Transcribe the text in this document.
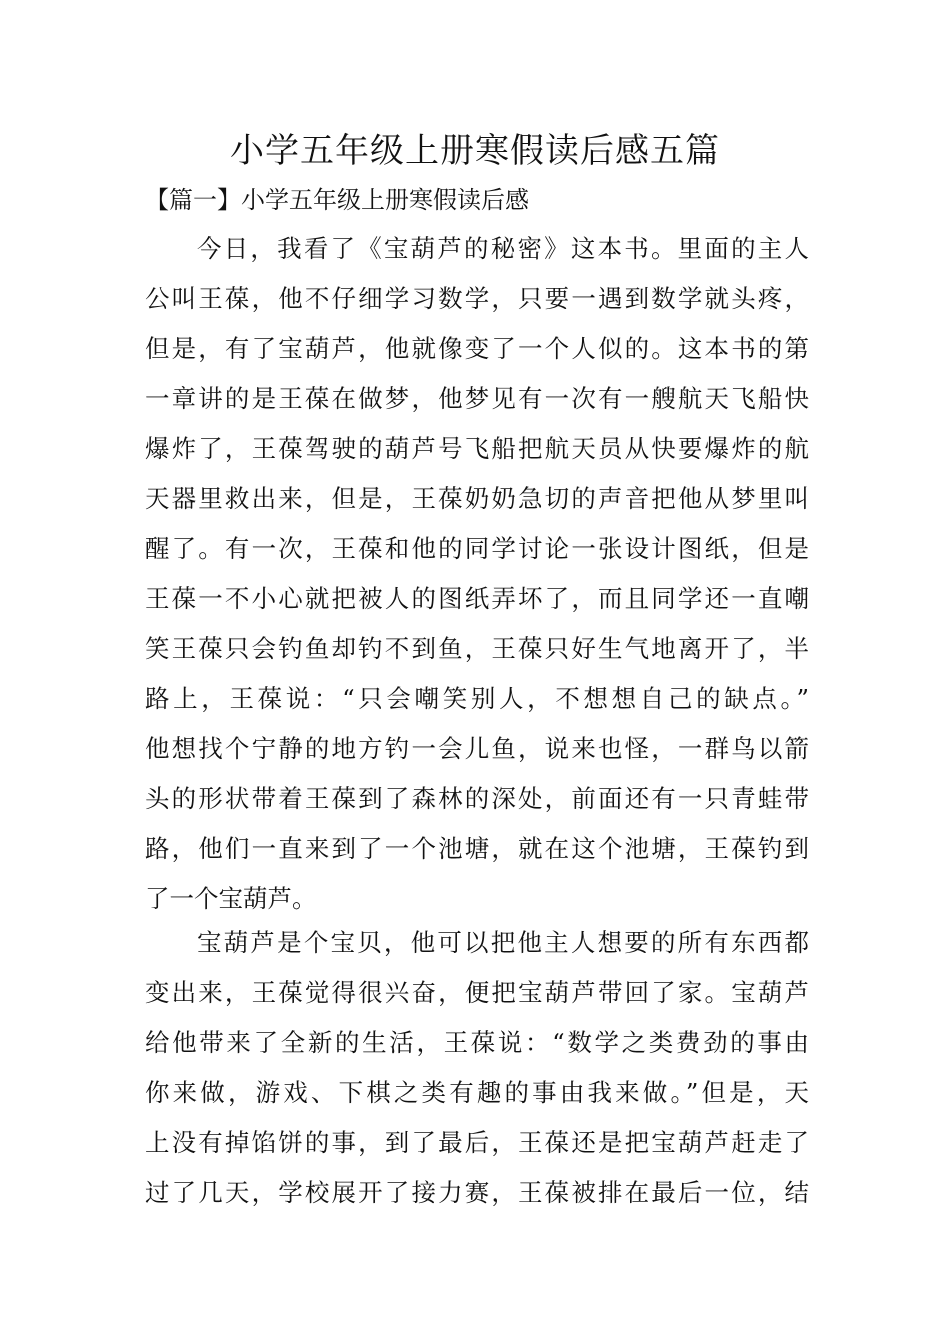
小学五年级上册寒假读后感五篇
【篇一】小学五年级上册寒假读后感
今日，我看了《宝葫芦的秘密》这本书。里面的主人
公叫王葆，他不仔细学习数学，只要一遇到数学就头疼，
但是，有了宝葫芦，他就像变了一个人似的。这本书的第
一章讲的是王葆在做梦，他梦见有一次有一艘航天飞船快
爆炸了，王葆驾驶的葫芦号飞船把航天员从快要爆炸的航
天器里救出来，但是，王葆奶奶急切的声音把他从梦里叫
醒了。有一次，王葆和他的同学讨论一张设计图纸，但是
王葆一不小心就把被人的图纸弄坏了，而且同学还一直嘲
笑王葆只会钓鱼却钓不到鱼，王葆只好生气地离开了，半
路上，王葆说：“只会嘲笑别人，不想想自己的缺点。”
他想找个宁静的地方钓一会儿鱼，说来也怪，一群鸟以箭
头的形状带着王葆到了森林的深处，前面还有一只青蛙带
路，他们一直来到了一个池塘，就在这个池塘，王葆钓到
了一个宝葫芦。
宝葫芦是个宝贝，他可以把他主人想要的所有东西都
变出来，王葆觉得很兴奋，便把宝葫芦带回了家。宝葫芦
给他带来了全新的生活，王葆说：“数学之类费劲的事由
你来做，游戏、下棋之类有趣的事由我来做。”但是，天
上没有掉馅饼的事，到了最后，王葆还是把宝葫芦赶走了
过了几天，学校展开了接力赛，王葆被排在最后一位，结
